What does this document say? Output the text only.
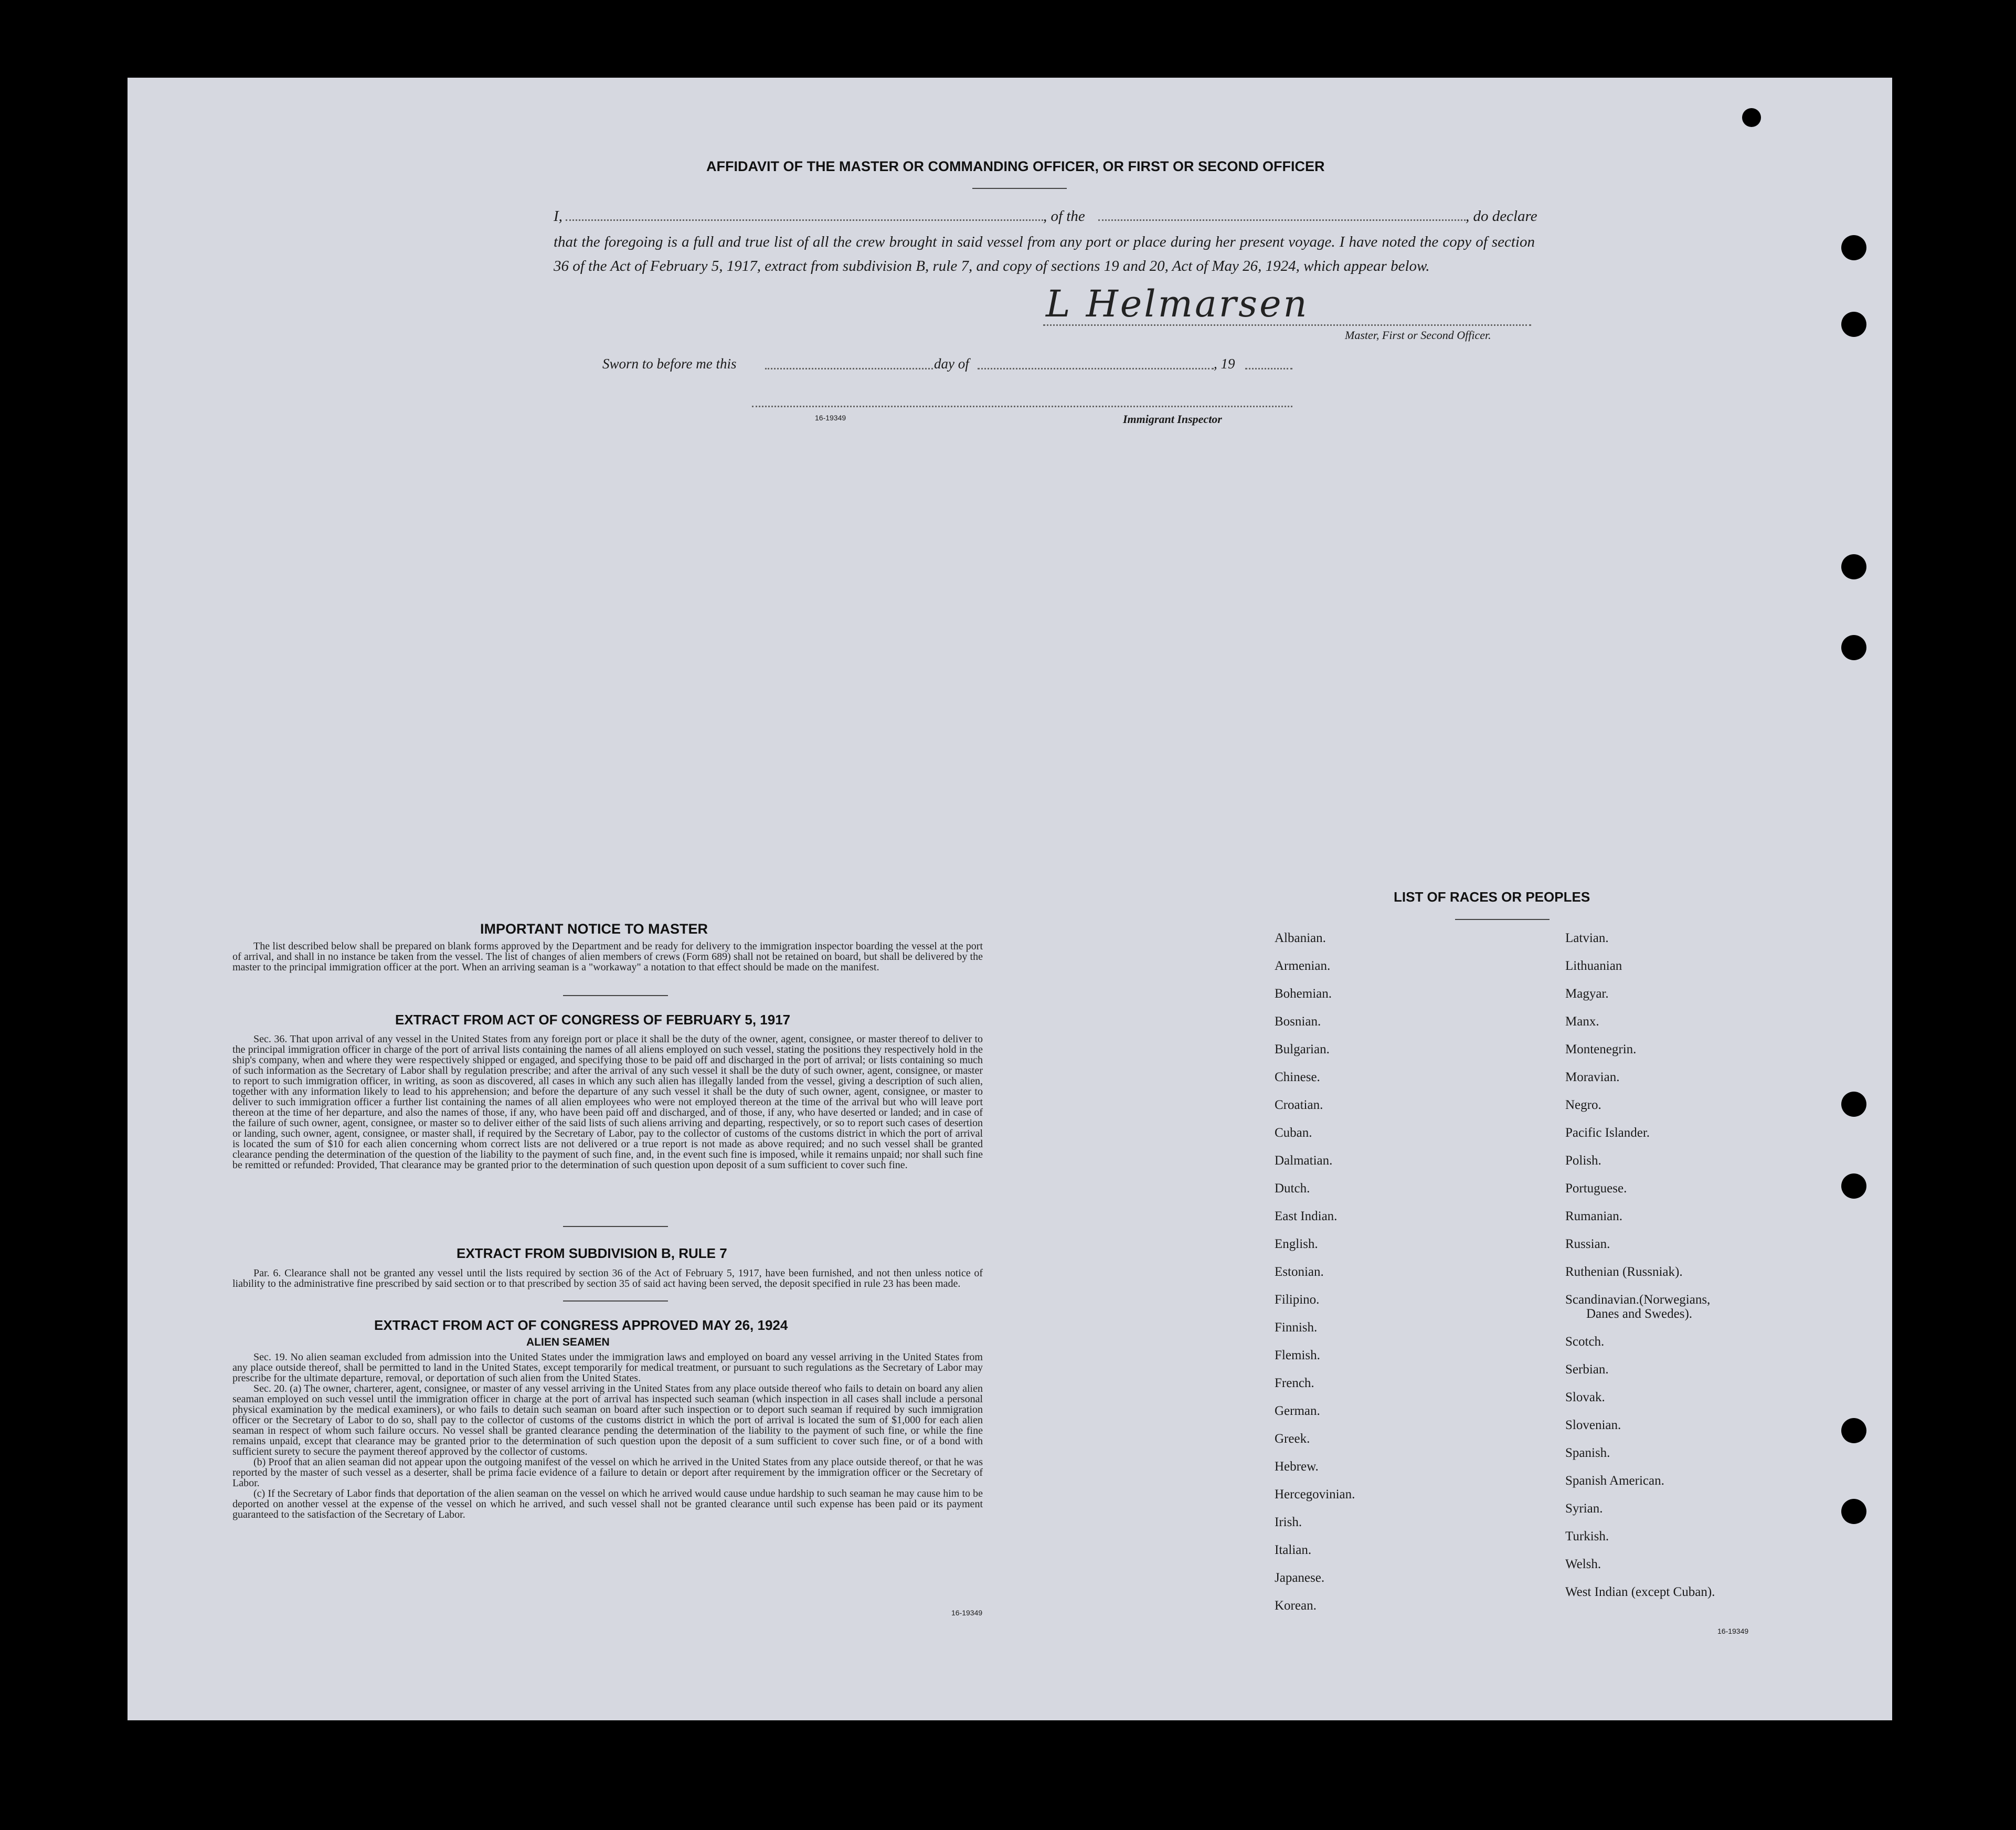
AFFIDAVIT OF THE MASTER OR COMMANDING OFFICER, OR FIRST OR SECOND OFFICER
I,	, of the	, do declare
that the foregoing is a full and true list of all the crew brought in said vessel from any port or place during her present voyage. I have noted the copy of section 36 of the Act of February 5, 1917, extract from subdivision B, rule 7, and copy of sections 19 and 20, Act of May 26, 1924, which appear below.
L Helmarsen
Master, First or Second Officer.
Sworn to before me this	day of	, 19
16-19349	Immigrant Inspector
IMPORTANT NOTICE TO MASTER

The list described below shall be prepared on blank forms approved by the Department and be ready for delivery to the immigration inspector boarding the vessel at the port of arrival, and shall in no instance be taken from the vessel. The list of changes of alien members of crews (Form 689) shall not be retained on board, but shall be delivered by the master to the principal immigration officer at the port. When an arriving seaman is a "workaway" a notation to that effect should be made on the manifest.

EXTRACT FROM ACT OF CONGRESS OF FEBRUARY 5, 1917

Sec. 36. That upon arrival of any vessel in the United States from any foreign port or place it shall be the duty of the owner, agent, consignee, or master thereof to deliver to the principal immigration officer in charge of the port of arrival lists containing the names of all aliens employed on such vessel, stating the positions they respectively hold in the ship's company, when and where they were respectively shipped or engaged, and specifying those to be paid off and discharged in the port of arrival; or lists containing so much of such information as the Secretary of Labor shall by regulation prescribe; and after the arrival of any such vessel it shall be the duty of such owner, agent, consignee, or master to report to such immigration officer, in writing, as soon as discovered, all cases in which any such alien has illegally landed from the vessel, giving a description of such alien, together with any information likely to lead to his apprehension; and before the departure of any such vessel it shall be the duty of such owner, agent, consignee, or master to deliver to such immigration officer a further list containing the names of all alien employees who were not employed thereon at the time of the arrival but who will leave port thereon at the time of her departure, and also the names of those, if any, who have been paid off and discharged, and of those, if any, who have deserted or landed; and in case of the failure of such owner, agent, consignee, or master so to deliver either of the said lists of such aliens arriving and departing, respectively, or so to report such cases of desertion or landing, such owner, agent, consignee, or master shall, if required by the Secretary of Labor, pay to the collector of customs of the customs district in which the port of arrival is located the sum of $10 for each alien concerning whom correct lists are not delivered or a true report is not made as above required; and no such vessel shall be granted clearance pending the determination of the question of the liability to the payment of such fine, and, in the event such fine is imposed, while it remains unpaid; nor shall such fine be remitted or refunded: Provided, That clearance may be granted prior to the determination of such question upon deposit of a sum sufficient to cover such fine.

EXTRACT FROM SUBDIVISION B, RULE 7

Par. 6. Clearance shall not be granted any vessel until the lists required by section 36 of the Act of February 5, 1917, have been furnished, and not then unless notice of liability to the administrative fine prescribed by said section or to that prescribed by section 35 of said act having been served, the deposit specified in rule 23 has been made.

EXTRACT FROM ACT OF CONGRESS APPROVED MAY 26, 1924
ALIEN SEAMEN

Sec. 19. No alien seaman excluded from admission into the United States under the immigration laws and employed on board any vessel arriving in the United States from any place outside thereof, shall be permitted to land in the United States, except temporarily for medical treatment, or pursuant to such regulations as the Secretary of Labor may prescribe for the ultimate departure, removal, or deportation of such alien from the United States.

Sec. 20. (a) The owner, charterer, agent, consignee, or master of any vessel arriving in the United States from any place outside thereof who fails to detain on board any alien seaman employed on such vessel until the immigration officer in charge at the port of arrival has inspected such seaman (which inspection in all cases shall include a personal physical examination by the medical examiners), or who fails to detain such seaman on board after such inspection or to deport such seaman if required by such immigration officer or the Secretary of Labor to do so, shall pay to the collector of customs of the customs district in which the port of arrival is located the sum of $1,000 for each alien seaman in respect of whom such failure occurs. No vessel shall be granted clearance pending the determination of the liability to the payment of such fine, or while the fine remains unpaid, except that clearance may be granted prior to the determination of such question upon the deposit of a sum sufficient to cover such fine, or of a bond with sufficient surety to secure the payment thereof approved by the collector of customs.

(b) Proof that an alien seaman did not appear upon the outgoing manifest of the vessel on which he arrived in the United States from any place outside thereof, or that he was reported by the master of such vessel as a deserter, shall be prima facie evidence of a failure to detain or deport after requirement by the immigration officer or the Secretary of Labor.

(c) If the Secretary of Labor finds that deportation of the alien seaman on the vessel on which he arrived would cause undue hardship to such seaman he may cause him to be deported on another vessel at the expense of the vessel on which he arrived, and such vessel shall not be granted clearance until such expense has been paid or its payment guaranteed to the satisfaction of the Secretary of Labor.

16-19349
LIST OF RACES OR PEOPLES
Albanian.
Armenian.
Bohemian.
Bosnian.
Bulgarian.
Chinese.
Croatian.
Cuban.
Dalmatian.
Dutch.
East Indian.
English.
Estonian.
Filipino.
Finnish.
Flemish.
French.
German.
Greek.
Hebrew.
Hercegovinian.
Irish.
Italian.
Japanese.
Korean.
Latvian.
Lithuanian
Magyar.
Manx.
Montenegrin.
Moravian.
Negro.
Pacific Islander.
Polish.
Portuguese.
Rumanian.
Russian.
Ruthenian (Russniak).
Scandinavian.(Norwegians,
Danes and Swedes).
Scotch.
Serbian.
Slovak.
Slovenian.
Spanish.
Spanish American.
Syrian.
Turkish.
Welsh.
West Indian (except Cuban).
16-19349
